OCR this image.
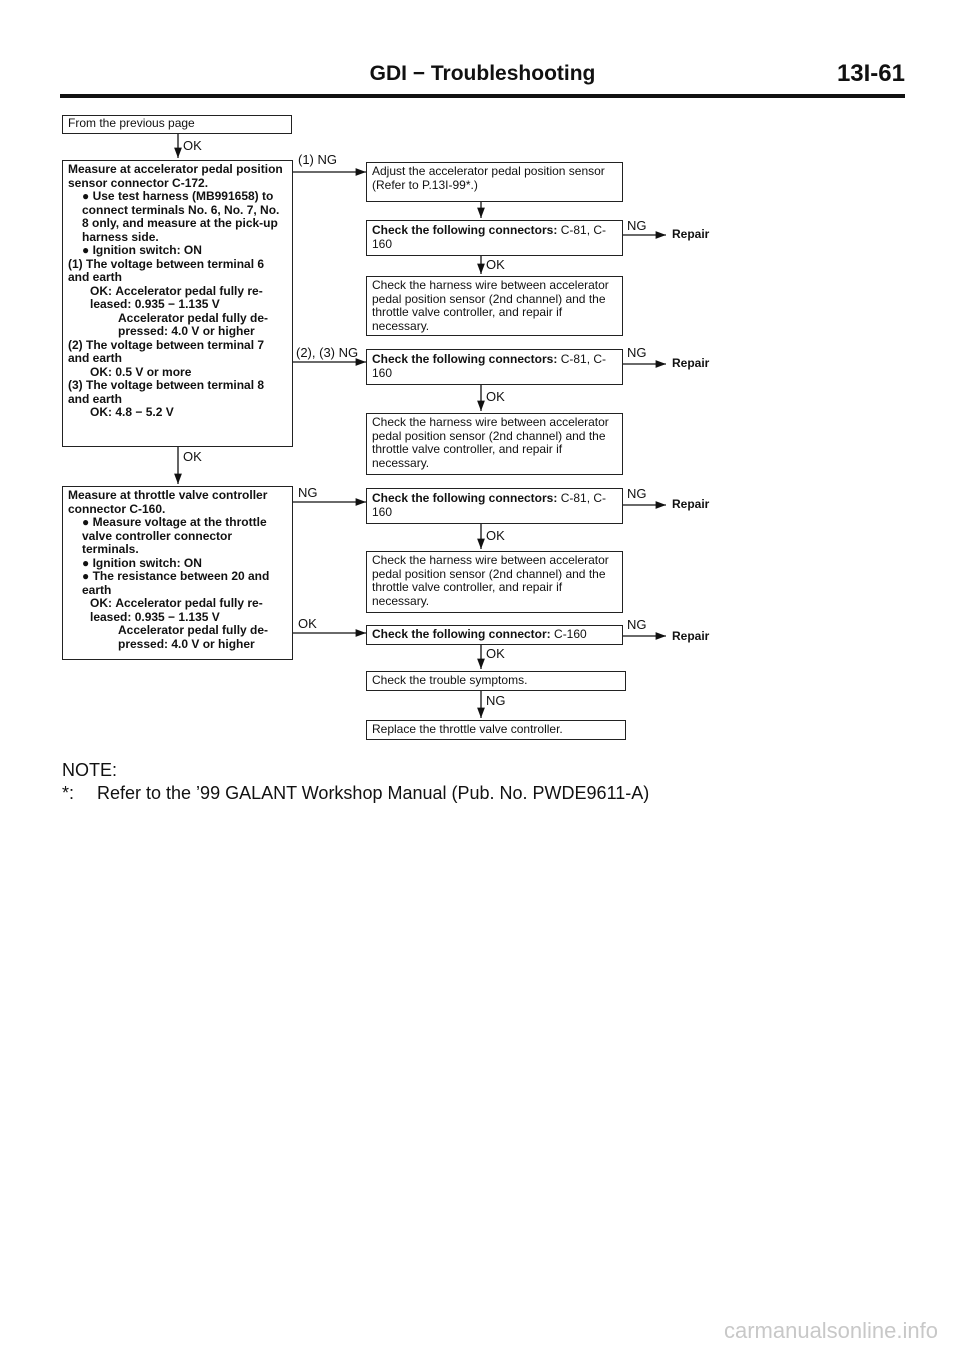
GDI − Troubleshooting	13I-61
From the previous page
OK
Measure at accelerator pedal position sensor connector C-172.
● Use test harness (MB991658) to connect terminals No. 6, No. 7, No. 8 only, and measure at the pick-up harness side.
● Ignition switch: ON
(1) The voltage between terminal 6 and earth
OK: Accelerator pedal fully re-leased: 0.935 − 1.135 V
Accelerator pedal fully de-pressed: 4.0 V or higher
(2) The voltage between terminal 7 and earth
OK: 0.5 V or more
(3) The voltage between terminal 8 and earth
OK: 4.8 − 5.2 V
OK
Measure at throttle valve controller connector C-160.
● Measure voltage at the throttle valve controller connector terminals.
● Ignition switch: ON
● The resistance between 20 and earth
OK: Accelerator pedal fully re-leased: 0.935 − 1.135 V
Accelerator pedal fully de-pressed: 4.0 V or higher
(1) NG
(2), (3) NG
NG
OK
Adjust the accelerator pedal position sensor (Refer to P.13I-99*.)
Check the following connectors: C-81, C-160
OK
NG
Repair
Check the harness wire between accelerator pedal position sensor (2nd channel) and the throttle valve controller, and repair if necessary.
Check the following connectors: C-81, C-160
OK
NG
Repair
Check the harness wire between accelerator pedal position sensor (2nd channel) and the throttle valve controller, and repair if necessary.
Check the following connectors: C-81, C-160
OK
NG
Repair
Check the harness wire between accelerator pedal position sensor (2nd channel) and the throttle valve controller, and repair if necessary.
Check the following connector: C-160
OK
NG
Repair
Check the trouble symptoms.
NG
Replace the throttle valve controller.
NOTE:
*: Refer to the ’99 GALANT Workshop Manual (Pub. No. PWDE9611-A)
carmanualsonline.info
